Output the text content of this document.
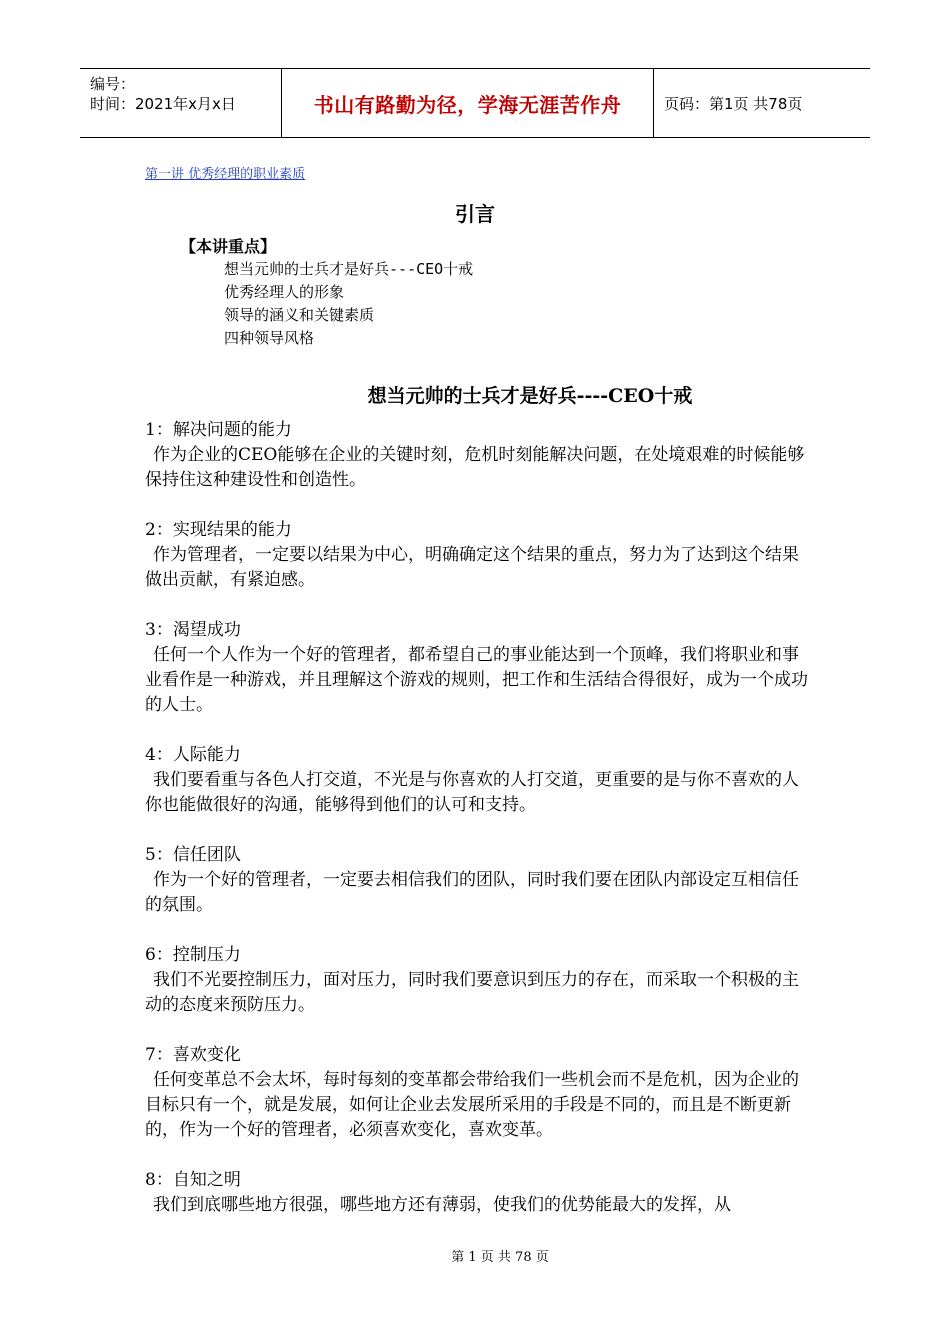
编号：
时间：2021年x月x日	书山有路勤为径，学海无涯苦作舟	页码：第1页 共78页
第一讲 优秀经理的职业素质
引言
【本讲重点】
想当元帅的士兵才是好兵---CEO十戒
优秀经理人的形象
领导的涵义和关键素质
四种领导风格
想当元帅的士兵才是好兵----CEO十戒
1：解决问题的能力
作为企业的CEO能够在企业的关键时刻，危机时刻能解决问题，在处境艰难的时候能够保持住这种建设性和创造性。
2：实现结果的能力
作为管理者，一定要以结果为中心，明确确定这个结果的重点，努力为了达到这个结果做出贡献，有紧迫感。
3：渴望成功
任何一个人作为一个好的管理者，都希望自己的事业能达到一个顶峰，我们将职业和事业看作是一种游戏，并且理解这个游戏的规则，把工作和生活结合得很好，成为一个成功的人士。
4：人际能力
我们要看重与各色人打交道，不光是与你喜欢的人打交道，更重要的是与你不喜欢的人你也能做很好的沟通，能够得到他们的认可和支持。
5：信任团队
作为一个好的管理者，一定要去相信我们的团队，同时我们要在团队内部设定互相信任的氛围。
6：控制压力
我们不光要控制压力，面对压力，同时我们要意识到压力的存在，而采取一个积极的主动的态度来预防压力。
7：喜欢变化
任何变革总不会太坏，每时每刻的变革都会带给我们一些机会而不是危机，因为企业的目标只有一个，就是发展，如何让企业去发展所采用的手段是不同的，而且是不断更新的，作为一个好的管理者，必须喜欢变化，喜欢变革。
8：自知之明
我们到底哪些地方很强，哪些地方还有薄弱，使我们的优势能最大的发挥，从
第 1 页 共 78 页
